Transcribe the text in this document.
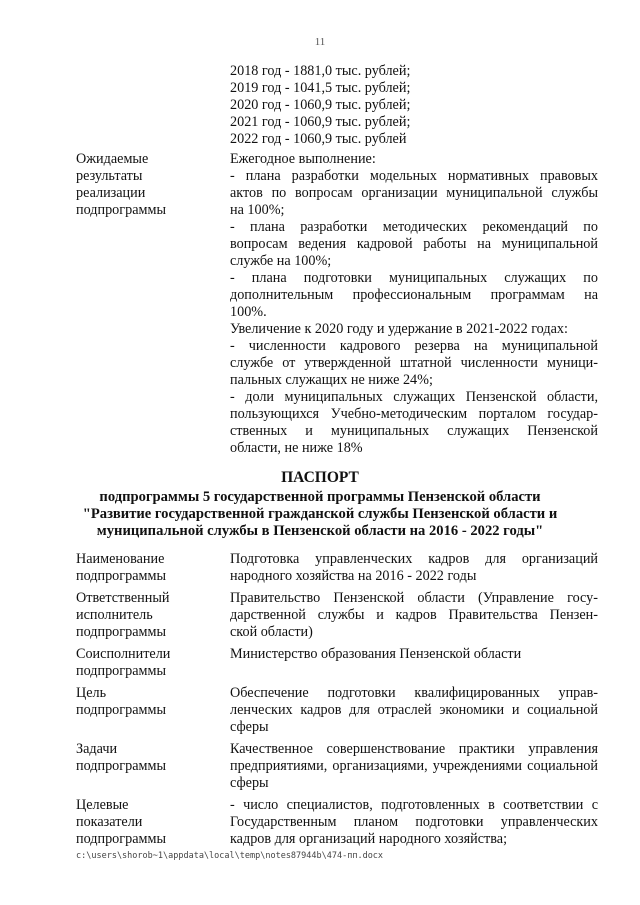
11
2018 год - 1881,0 тыс. рублей;
2019 год - 1041,5 тыс. рублей;
2020 год - 1060,9 тыс. рублей;
2021 год - 1060,9 тыс. рублей;
2022 год - 1060,9 тыс. рублей
Ожидаемые
результаты
реализации
подпрограммы
Ежегодное выполнение:
- плана разработки модельных нормативных правовых
актов по вопросам организации муниципальной службы
на 100%;
- плана разработки методических рекомендаций по
вопросам ведения кадровой работы на муниципальной
службе на 100%;
- плана подготовки муниципальных служащих по
дополнительным профессиональным программам на
100%.
Увеличение к 2020 году и удержание в 2021-2022 годах:
- численности кадрового резерва на муниципальной
службе от утвержденной штатной численности муници-
пальных служащих не ниже 24%;
- доли муниципальных служащих Пензенской области,
пользующихся Учебно-методическим порталом государ-
ственных и муниципальных служащих Пензенской
области, не ниже 18%
ПАСПОРТ
подпрограммы 5 государственной программы Пензенской области
"Развитие государственной гражданской службы Пензенской области и
муниципальной службы в Пензенской области на 2016 - 2022 годы"
Наименование
подпрограммы
Подготовка управленческих кадров для организаций
народного хозяйства на 2016 - 2022 годы
Ответственный
исполнитель
подпрограммы
Правительство Пензенской области (Управление госу-
дарственной службы и кадров Правительства Пензен-
ской области)
Соисполнители
подпрограммы
Министерство образования Пензенской области
Цель
подпрограммы
Обеспечение подготовки квалифицированных управ-
ленческих кадров для отраслей экономики и социальной
сферы
Задачи
подпрограммы
Качественное совершенствование практики управления
предприятиями, организациями, учреждениями социальной
сферы
Целевые
показатели
подпрограммы
- число специалистов, подготовленных в соответствии с
Государственным планом подготовки управленческих
кадров для организаций народного хозяйства;
c:\users\shorob~1\appdata\local\temp\notes87944b\474-пп.docx
